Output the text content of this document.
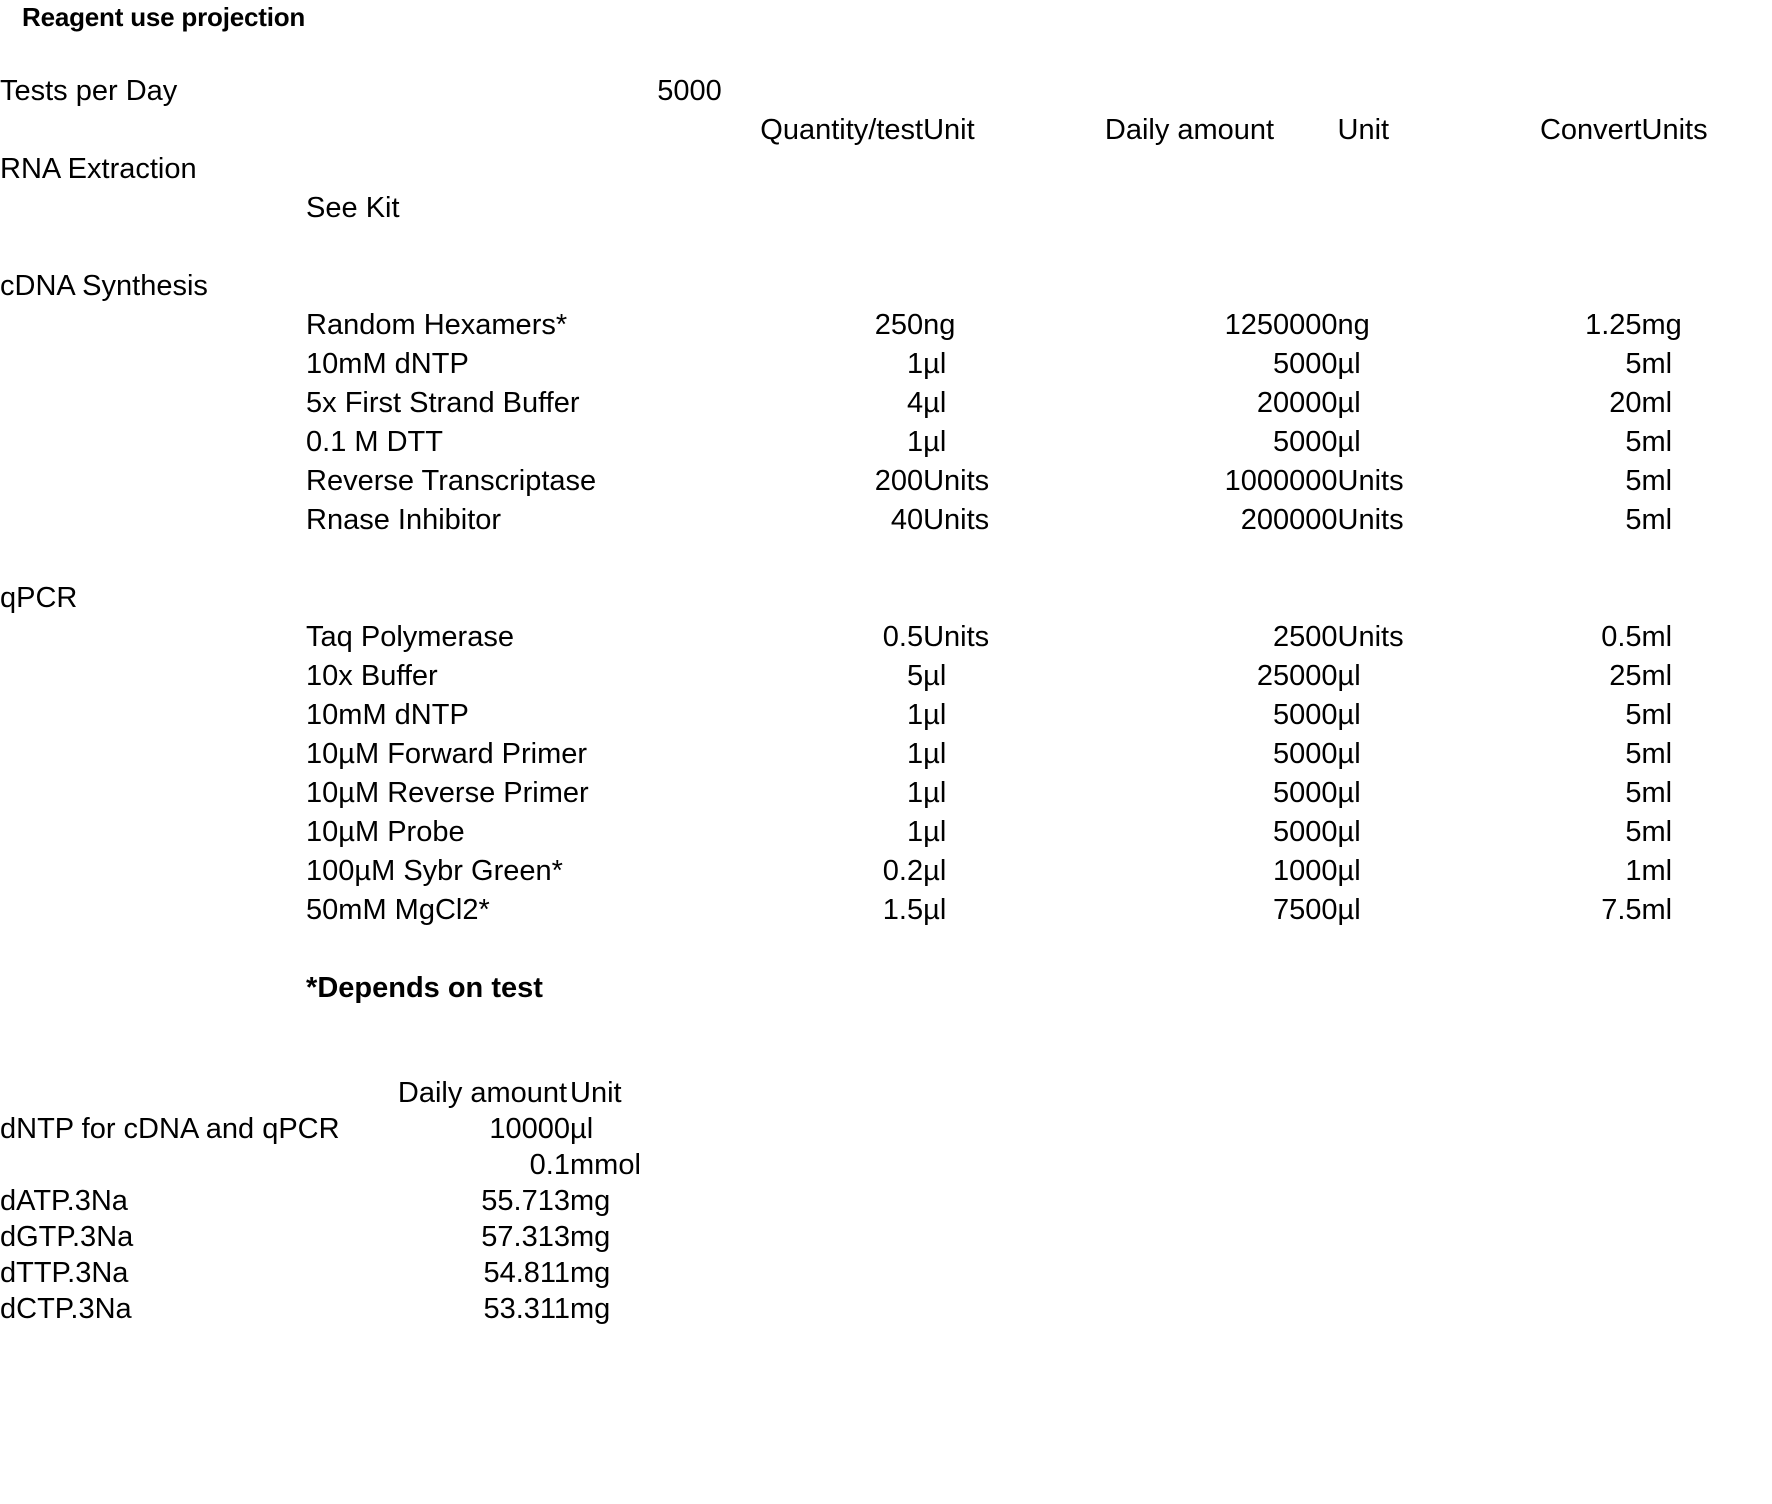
Reagent use projection
Tests per Day		5000					
		Quantity/test	Unit	Daily amount	Unit	Convert	Units
RNA Extraction							
	See Kit						

cDNA Synthesis							
	Random Hexamers*	250	ng	1250000	ng	1.25	mg
	10mM dNTP	1	µl	5000	µl	5	ml
	5x First Strand Buffer	4	µl	20000	µl	20	ml
	0.1 M DTT	1	µl	5000	µl	5	ml
	Reverse Transcriptase	200	Units	1000000	Units	5	ml
	Rnase Inhibitor	40	Units	200000	Units	5	ml

qPCR							
	Taq Polymerase	0.5	Units	2500	Units	0.5	ml
	10x Buffer	5	µl	25000	µl	25	ml
	10mM dNTP	1	µl	5000	µl	5	ml
	10µM Forward Primer	1	µl	5000	µl	5	ml
	10µM Reverse Primer	1	µl	5000	µl	5	ml
	10µM Probe	1	µl	5000	µl	5	ml
	100µM Sybr Green*	0.2	µl	1000	µl	1	ml
	50mM MgCl2*	1.5	µl	7500	µl	7.5	ml

	*Depends on test						
	Daily amount	Unit
dNTP for cDNA and qPCR	10000	µl
	0.1	mmol
dATP.3Na	55.713	mg
dGTP.3Na	57.313	mg
dTTP.3Na	54.811	mg
dCTP.3Na	53.311	mg
